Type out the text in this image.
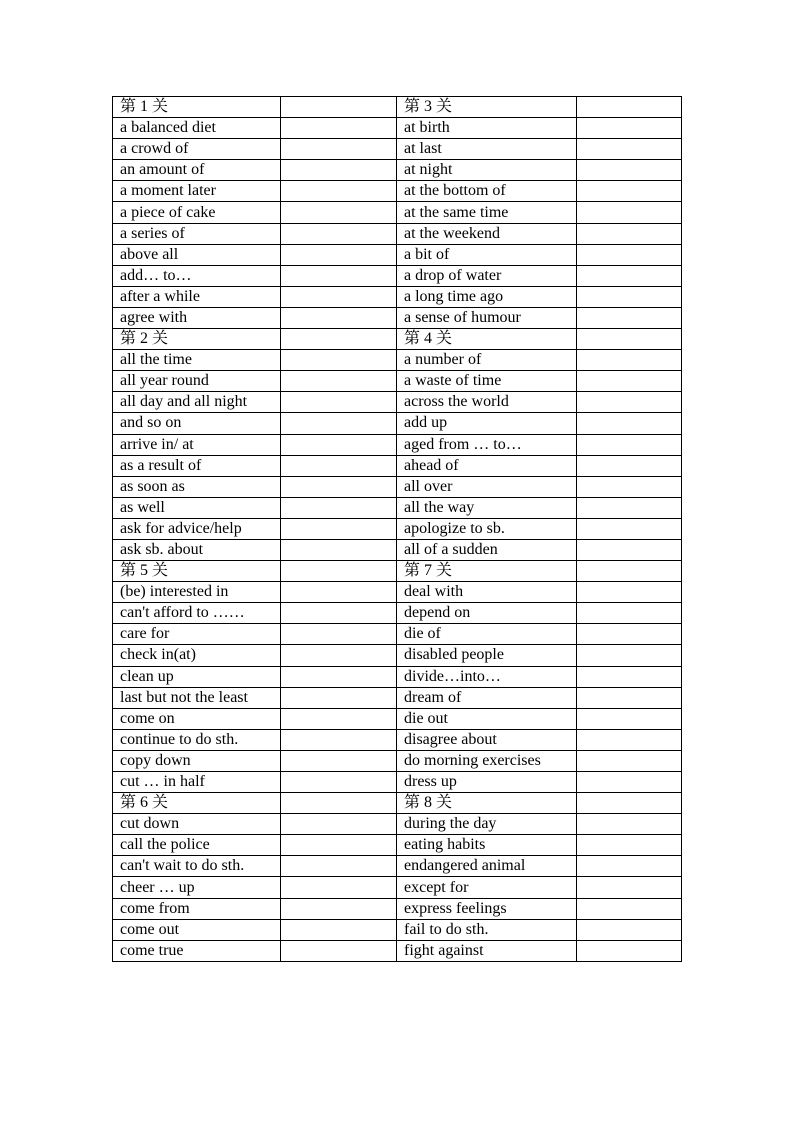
第 1 关		第 3 关	
a balanced diet		at birth	
a crowd of		at last	
an amount of		at night	
a moment later		at the bottom of	
a piece of cake		at the same time	
a series of		at the weekend	
above all		a bit of	
add… to…		a drop of water	
after a while		a long time ago	
agree with		a sense of humour	
第 2 关		第 4 关	
all the time		a number of	
all year round		a waste of time	
all day and all night		across the world	
and so on		add up	
arrive in/ at		aged from … to…	
as a result of		ahead of	
as soon as		all over	
as well		all the way	
ask for advice/help		apologize to sb.	
ask sb. about		all of a sudden	
第 5 关		第 7 关	
(be) interested in		deal with	
can't afford to ……		depend on	
care for		die of	
check in(at)		disabled people	
clean up		divide…into…	
last but not the least		dream of	
come on		die out	
continue to do sth.		disagree about	
copy down		do morning exercises	
cut … in half		dress up	
第 6 关		第 8 关	
cut down		during the day	
call the police		eating habits	
can't wait to do sth.		endangered animal	
cheer … up		except for	
come from		express feelings	
come out		fail to do sth.	
come true		fight against	
